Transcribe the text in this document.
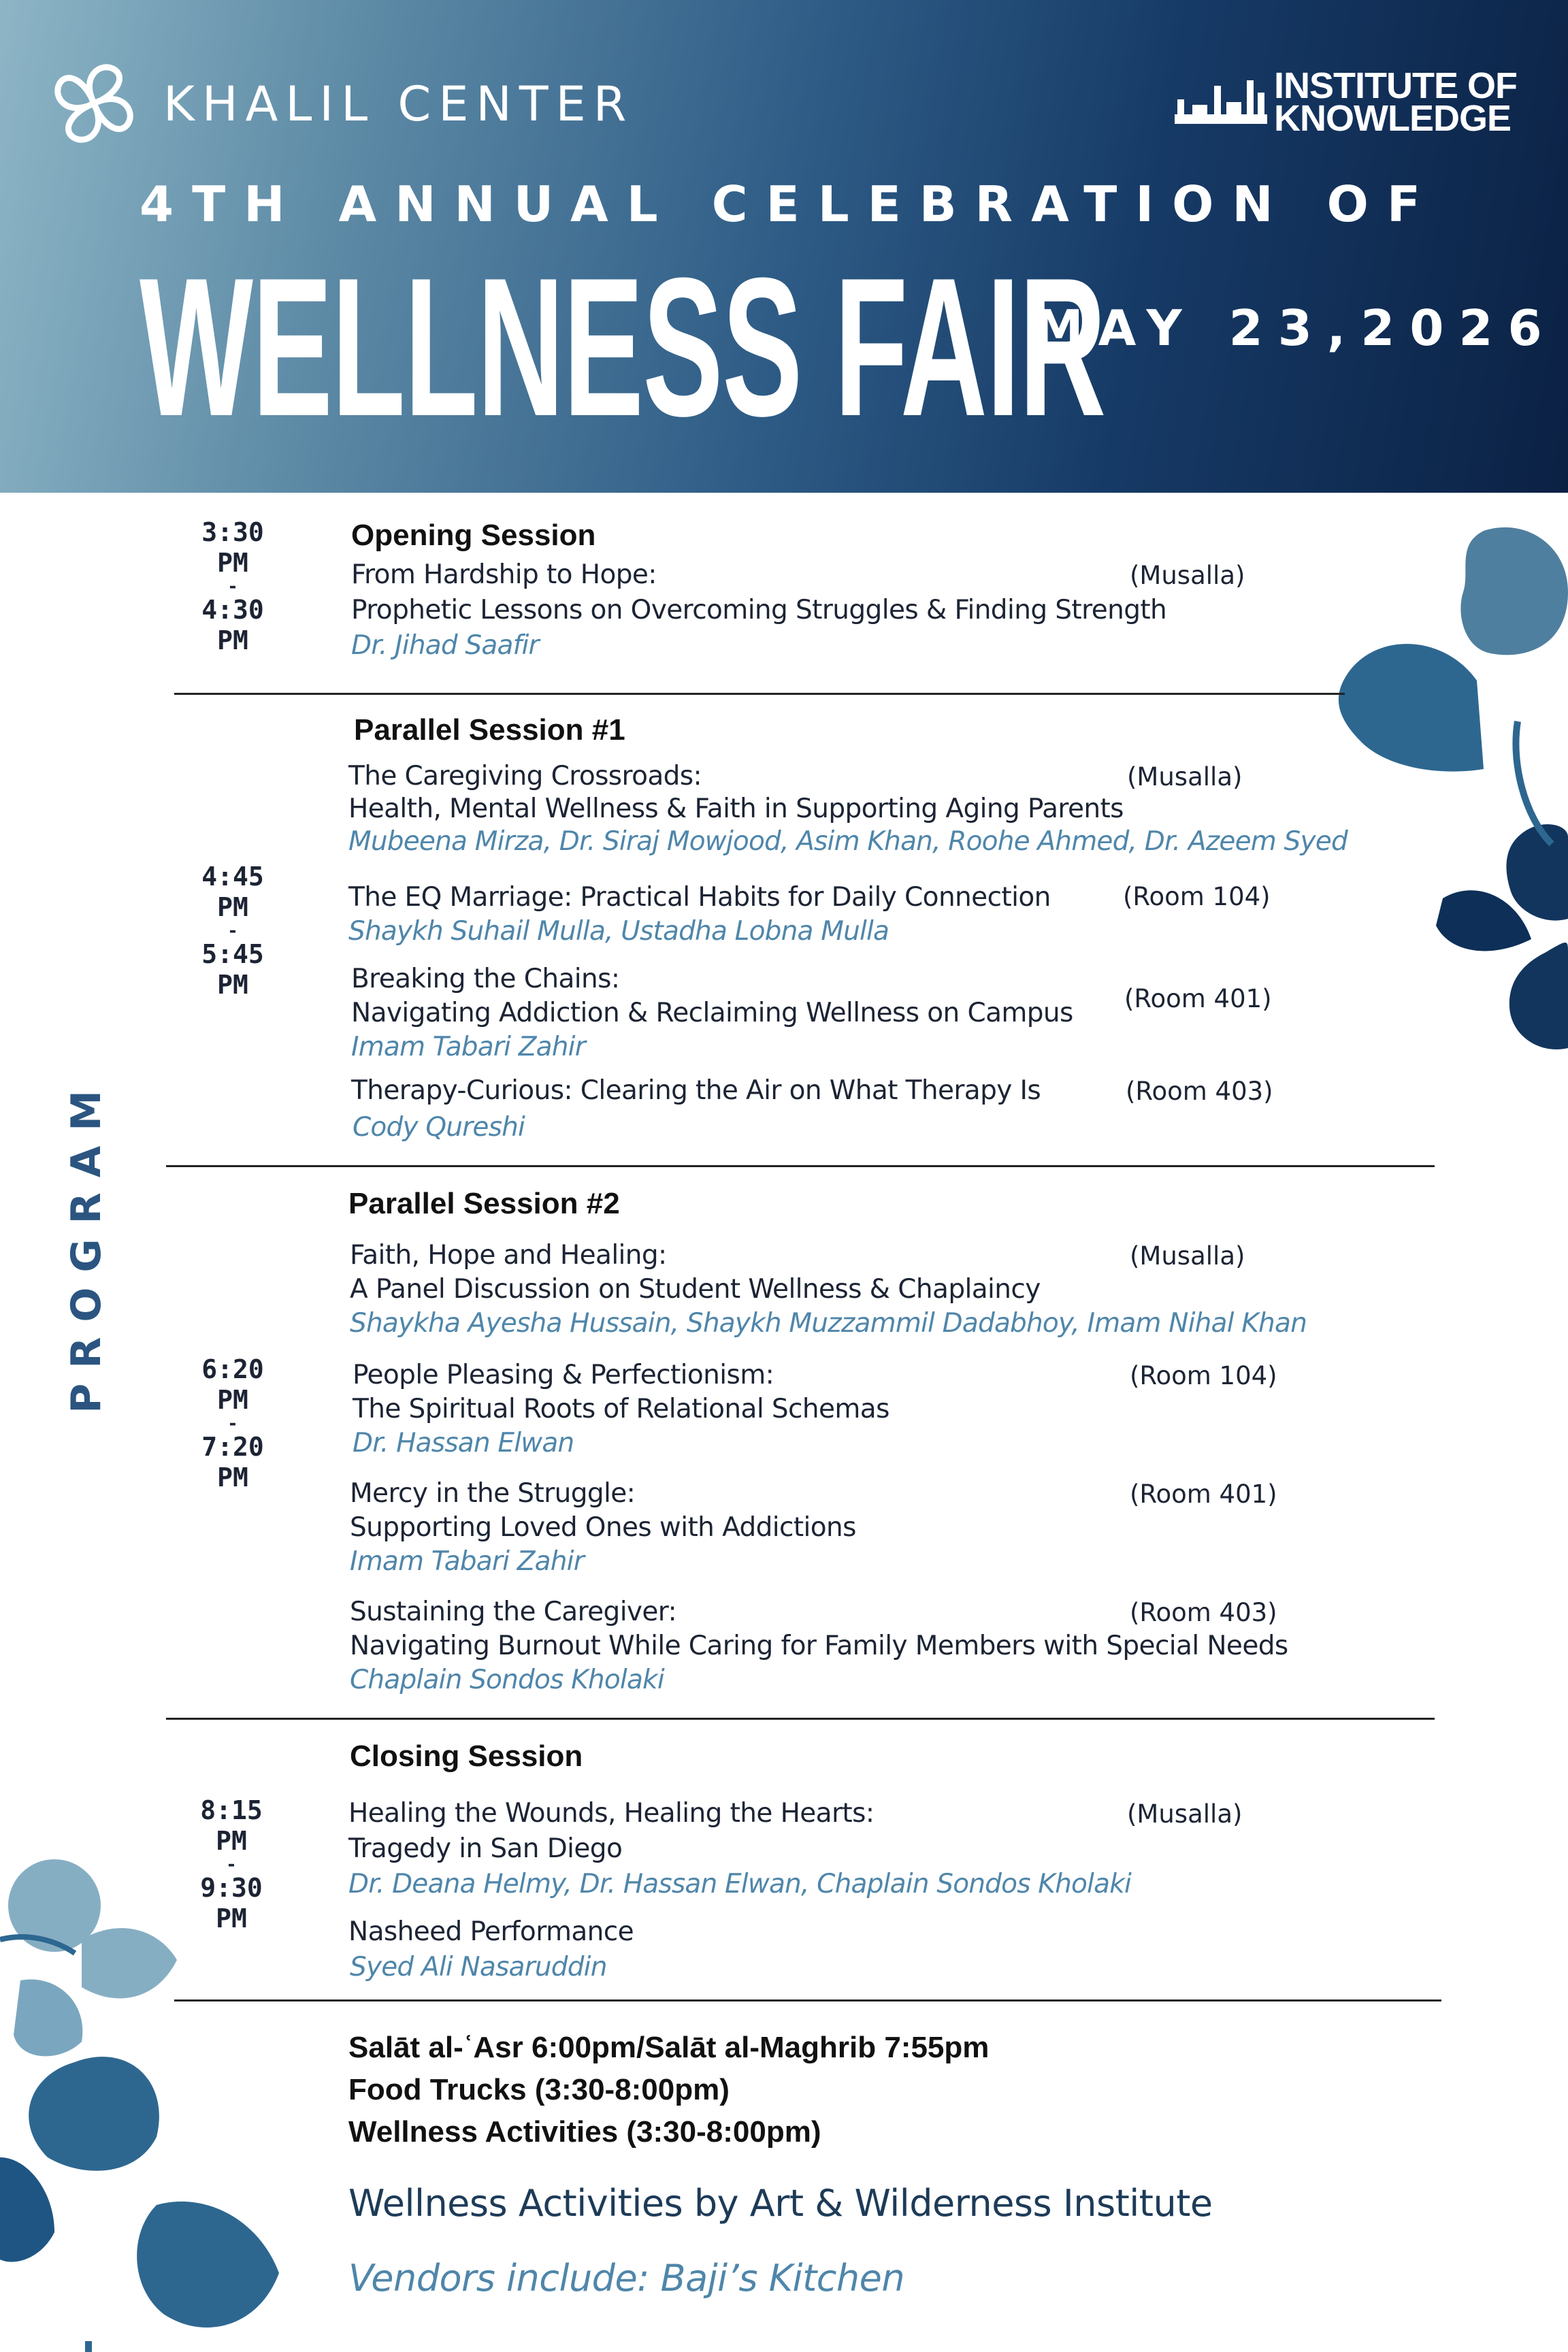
KHALIL CENTER	INSTITUTE OF
KNOWLEDGE
4TH ANNUAL CELEBRATION OF
WELLNESS FAIR
MAY 23,2026
PROGRAM
3:30
PM
-
4:30
PM
Opening Session
From Hardship to Hope:
Prophetic Lessons on Overcoming Struggles & Finding Strength
Dr. Jihad Saafir
(Musalla)
4:45
PM
-
5:45
PM
Parallel Session #1
The Caregiving Crossroads:
Health, Mental Wellness & Faith in Supporting Aging Parents
Mubeena Mirza, Dr. Siraj Mowjood, Asim Khan, Roohe Ahmed, Dr. Azeem Syed
(Musalla)
The EQ Marriage: Practical Habits for Daily Connection
Shaykh Suhail Mulla, Ustadha Lobna Mulla
(Room 104)
Breaking the Chains:
Navigating Addiction & Reclaiming Wellness on Campus
Imam Tabari Zahir
(Room 401)
Therapy-Curious: Clearing the Air on What Therapy Is
Cody Qureshi
(Room 403)
6:20
PM
-
7:20
PM
Parallel Session #2
Faith, Hope and Healing:
A Panel Discussion on Student Wellness & Chaplaincy
Shaykha Ayesha Hussain, Shaykh Muzzammil Dadabhoy, Imam Nihal Khan
(Musalla)
People Pleasing & Perfectionism:
The Spiritual Roots of Relational Schemas
Dr. Hassan Elwan
(Room 104)
Mercy in the Struggle:
Supporting Loved Ones with Addictions
Imam Tabari Zahir
(Room 401)
Sustaining the Caregiver:
Navigating Burnout While Caring for Family Members with Special Needs
Chaplain Sondos Kholaki
(Room 403)
8:15
PM
-
9:30
PM
Closing Session
Healing the Wounds, Healing the Hearts:
Tragedy in San Diego
Dr. Deana Helmy, Dr. Hassan Elwan, Chaplain Sondos Kholaki
(Musalla)
Nasheed Performance
Syed Ali Nasaruddin
Salāt al-ʿAsr 6:00pm/Salāt al-Maghrib 7:55pm
Food Trucks (3:30-8:00pm)
Wellness Activities (3:30-8:00pm)
Wellness Activities by Art & Wilderness Institute
Vendors include: Baji’s Kitchen
